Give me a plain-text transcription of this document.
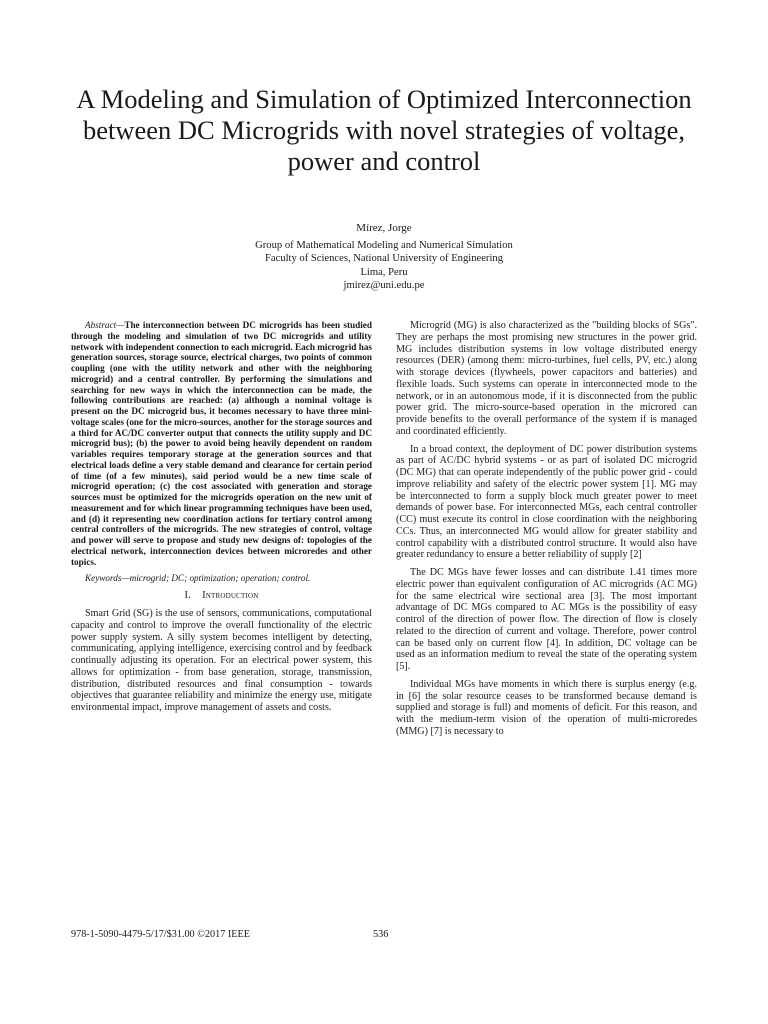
A Modeling and Simulation of Optimized Interconnection between DC Microgrids with novel strategies of voltage, power and control
Mírez, Jorge
Group of Mathematical Modeling and Numerical Simulation
Faculty of Sciences, National University of Engineering
Lima, Peru
jmirez@uni.edu.pe

Abstract—The interconnection between DC microgrids has been studied through the modeling and simulation of two DC microgrids and utility network with independent connection to each microgrid. Each microgrid has generation sources, storage source, electrical charges, two points of common coupling (one with the utility network and other with the neighboring microgrid) and a central controller. By performing the simulations and searching for new ways in which the interconnection can be made, the following contributions are reached: (a) although a nominal voltage is present on the DC microgrid bus, it becomes necessary to have three mini-voltage scales (one for the micro-sources, another for the storage sources and a third for AC/DC converter output that connects the utility supply and DC microgrid bus); (b) the power to avoid being heavily dependent on random variables requires temporary storage at the generation sources and that electrical loads define a very stable demand and clearance for certain period of time (of a few minutes), said period would be a new time scale of microgrid operation; (c) the cost associated with generation and storage sources must be optimized for the microgrids operation on the new unit of measurement and for which linear programming techniques have been used, and (d) it representing new coordination actions for tertiary control among central controllers of the microgrids. The new strategies of control, voltage and power will serve to propose and study new designs of: topologies of the electrical network, interconnection devices between microredes and other topics.

Keywords—microgrid; DC; optimization; operation; control.

I. Introduction

Smart Grid (SG) is the use of sensors, communications, computational capacity and control to improve the overall functionality of the electric power supply system. A silly system becomes intelligent by detecting, communicating, applying intelligence, exercising control and by feedback continually adjusting its operation. For an electrical power system, this allows for optimization - from base generation, storage, transmission, distribution, distributed resources and final consumption - towards objectives that guarantee reliability and minimize the energy use, mitigate environmental impact, improve management of assets and costs.

Microgrid (MG) is also characterized as the "building blocks of SGs". They are perhaps the most promising new structures in the power grid. MG includes distribution systems in low voltage distributed energy resources (DER) (among them: micro-turbines, fuel cells, PV, etc.) along with storage devices (flywheels, power capacitors and batteries) and flexible loads. Such systems can operate in interconnected mode to the network, or in an autonomous mode, if it is disconnected from the public power grid. The micro-source-based operation in the microred can provide benefits to the overall performance of the system if is managed and coordinated efficiently.

In a broad context, the deployment of DC power distribution systems as part of AC/DC hybrid systems - or as part of isolated DC microgrid (DC MG) that can operate independently of the public power grid - could improve reliability and safety of the electric power system [1]. MG may be interconnected to form a supply block much greater power to meet demands of power base. For interconnected MGs, each central controller (CC) must execute its control in close coordination with the neighboring CCs. Thus, an interconnected MG would allow for greater stability and control capability with a distributed control structure. It would also have greater redundancy to ensure a better reliability of supply [2]

The DC MGs have fewer losses and can distribute 1.41 times more electric power than equivalent configuration of AC microgrids (AC MG) for the same electrical wire sectional area [3]. The most important advantage of DC MGs compared to AC MGs is the possibility of easy control of the direction of power flow. The direction of flow is closely related to the direction of current and voltage. Therefore, power control can be based only on current flow [4]. In addition, DC voltage can be used as an information medium to reveal the state of the operating system [5].

Individual MGs have moments in which there is surplus energy (e.g. in [6] the solar resource ceases to be transformed because demand is supplied and storage is full) and moments of deficit. For this reason, and with the medium-term vision of the operation of multi-microredes (MMG) [7] is necessary to

978-1-5090-4479-5/17/$31.00 ©2017 IEEE	536
